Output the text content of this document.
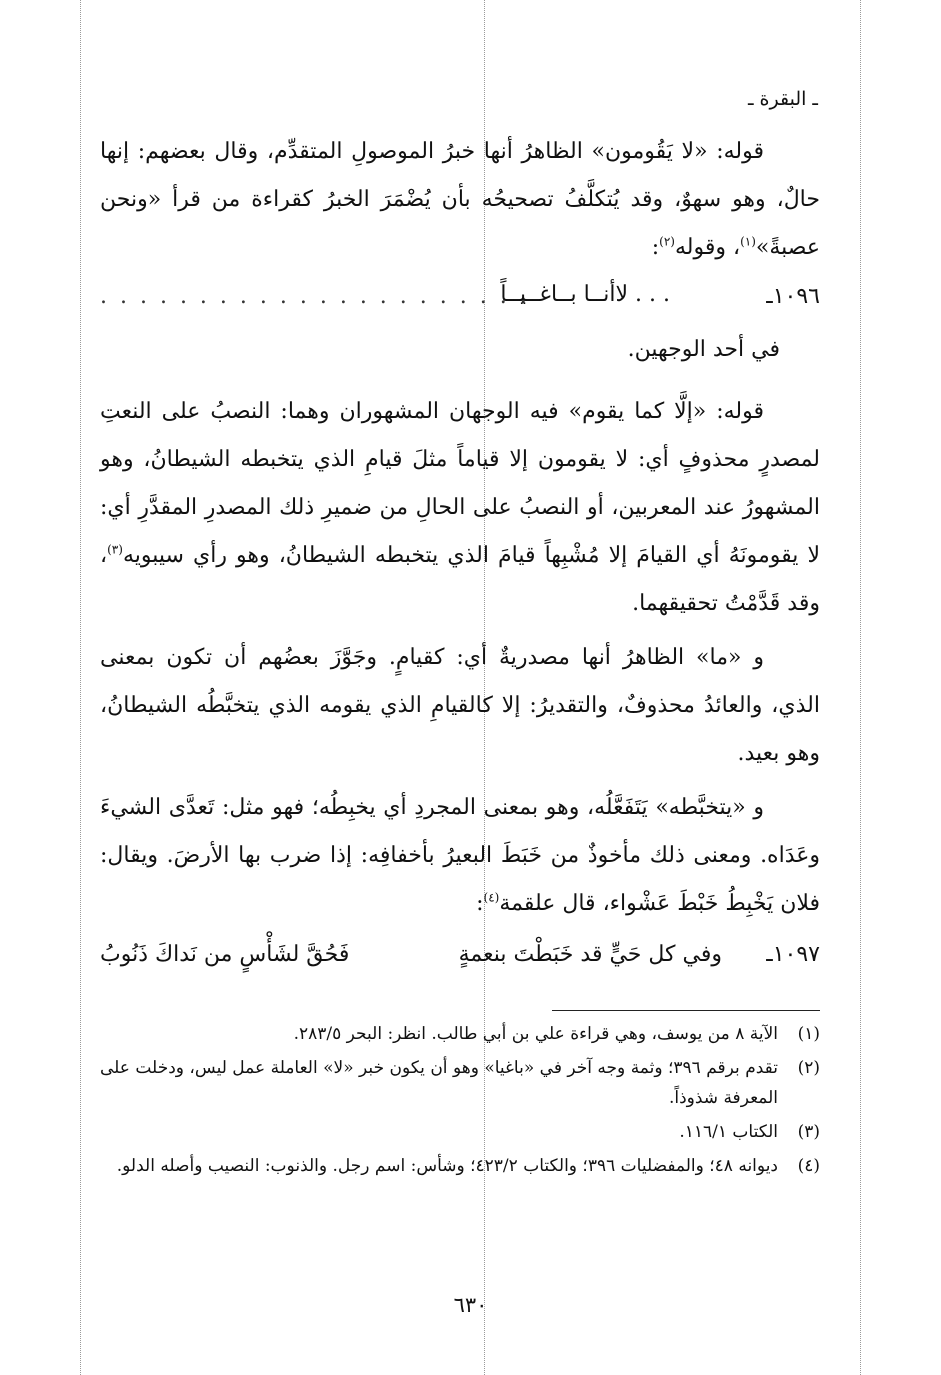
ـ البقرة ـ

قوله: «لا يَقُومون» الظاهرُ أنها خبرُ الموصولِ المتقدِّم، وقال بعضهم: إنها حالٌ، وهو سهوٌ، وقد يُتكلَّفُ تصحيحُه بأن يُضْمَرَ الخبرُ كقراءة من قرأ «ونحن عصبةً»$^{(١)}$، وقوله$^{(٢)}$:

١٠٩٦ـ
. . . لاأنــا بــاغــيــاً
. . . . . . . . . . . . . . . . . . . . . .
في أحد الوجهين.

قوله: «إلَّا كما يقوم» فيه الوجهان المشهوران وهما: النصبُ على النعتِ لمصدرٍ محذوفٍ أي: لا يقومون إلا قياماً مثلَ قيامِ الذي يتخبطه الشيطانُ، وهو المشهورُ عند المعربين، أو النصبُ على الحالِ من ضميرِ ذلك المصدرِ المقدَّرِ أي: لا يقومونَهُ أي القيامَ إلا مُشْبِهاً قيامَ الذي يتخبطه الشيطانُ، وهو رأي سيبويه$^{(٣)}$، وقد قَدَّمْتُ تحقيقهما.

و «ما» الظاهرُ أنها مصدريةٌ أي: كقيامٍ. وجَوَّزَ بعضُهم أن تكون بمعنى الذي، والعائدُ محذوفٌ، والتقديرُ: إلا كالقيامِ الذي يقومه الذي يتخبَّطُه الشيطانُ، وهو بعيد.

و «يتخبَّطه» يَتَفَعَّلُه، وهو بمعنى المجردِ أي يخبِطُه؛ فهو مثل: تَعدَّى الشيءَ وعَدَاه. ومعنى ذلك مأخوذٌ من خَبَطَ البعيرُ بأخفافِه: إذا ضرب بها الأرضَ. ويقال: فلان يَخْبِطُ خَبْطَ عَشْواء، قال علقمة$^{(٤)}$:

١٠٩٧ـ
وفي كل حَيٍّ قد خَبَطْتَ بنعمةٍ
فَحُقَّ لشَأْسٍ من نَداكَ ذَنُوبُ
(١)
الآية ٨ من يوسف، وهي قراءة علي بن أبي طالب. انظر: البحر ٢٨٣/٥.
(٢)
تقدم برقم ٣٩٦؛ وثمة وجه آخر في «باغيا» وهو أن يكون خبر «لا» العاملة عمل ليس، ودخلت على المعرفة شذوذاً.
(٣)
الكتاب ١١٦/١.
(٤)
ديوانه ٤٨؛ والمفضليات ٣٩٦؛ والكتاب ٤٢٣/٢؛ وشأس: اسم رجل. والذنوب: النصيب وأصله الدلو.
٦٣٠
